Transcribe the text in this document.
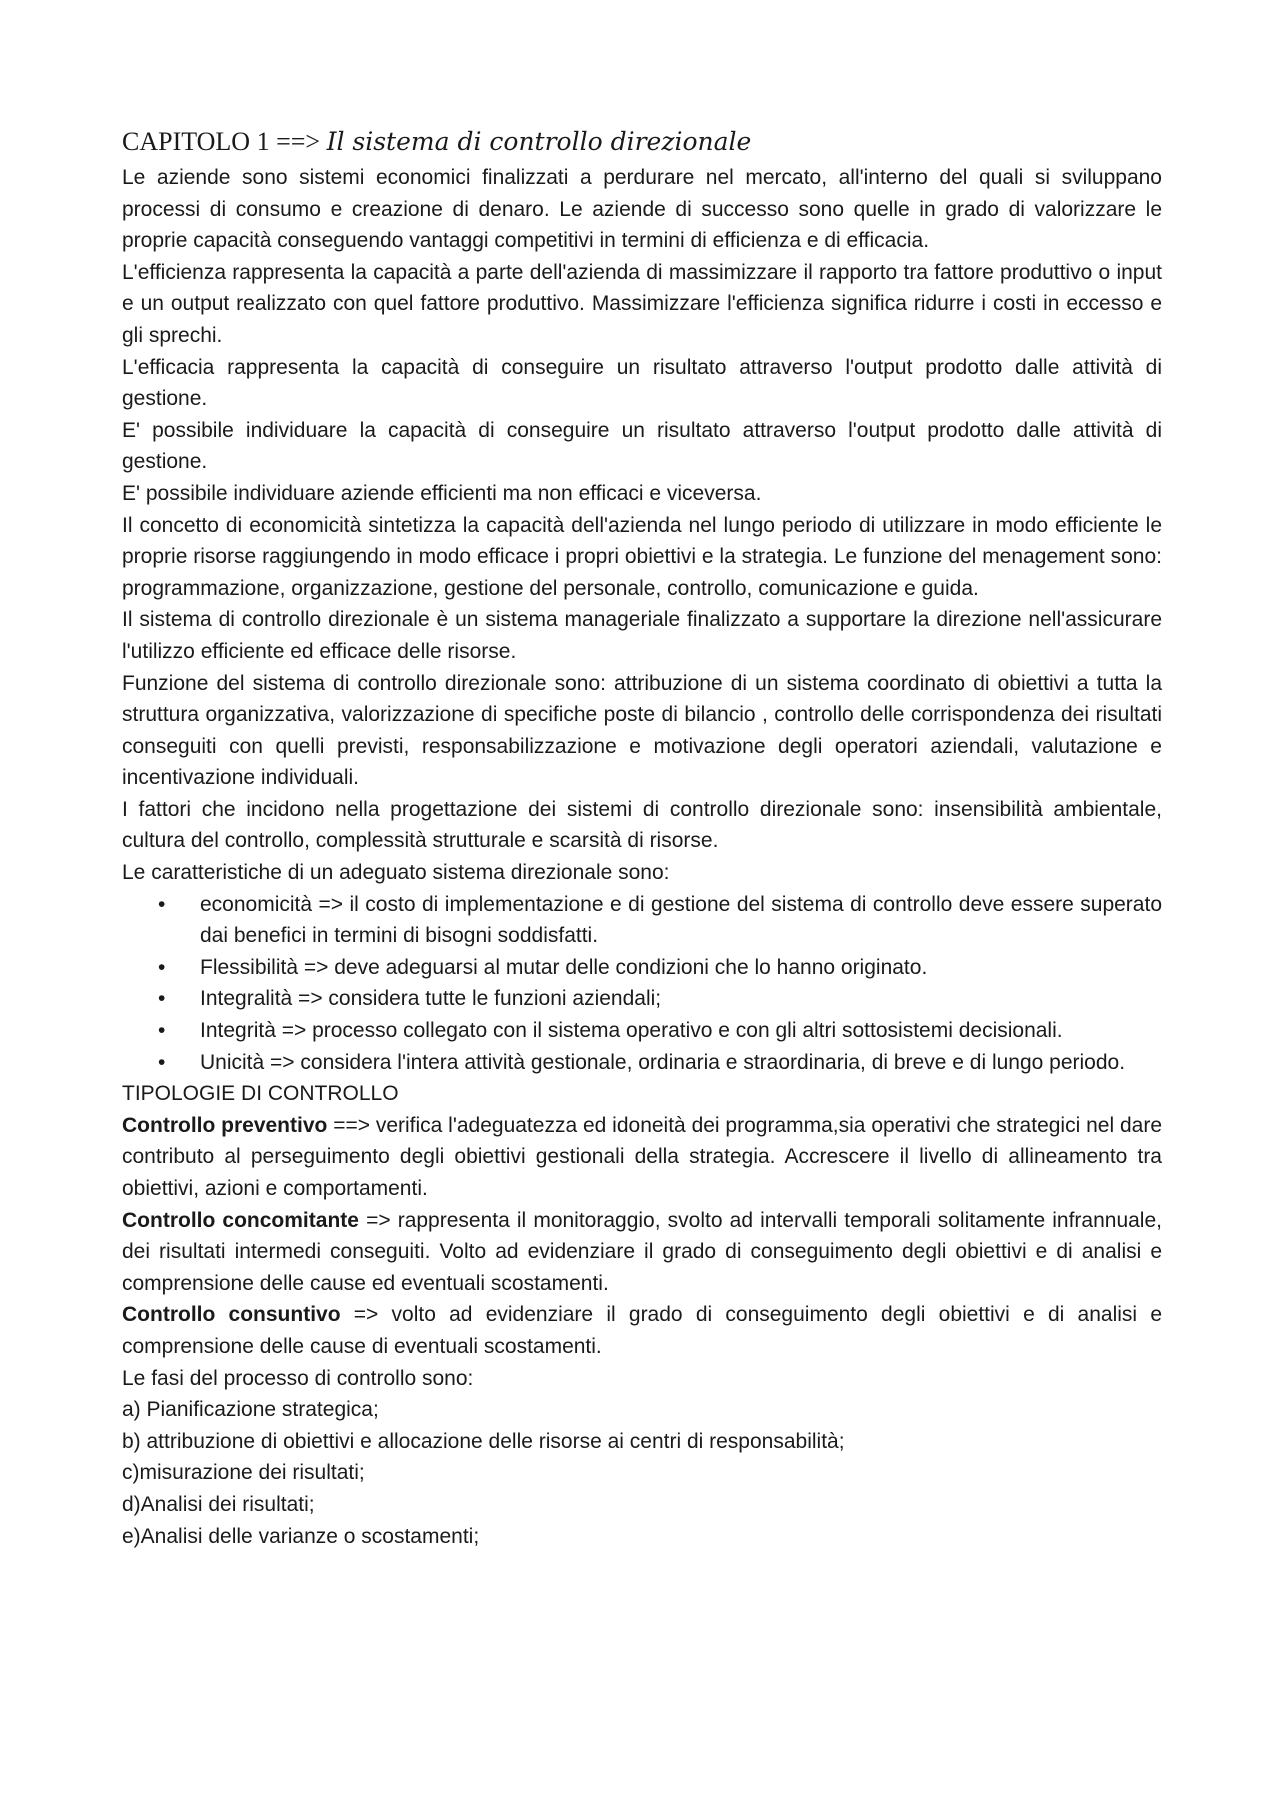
CAPITOLO 1 ==> Il sistema di controllo direzionale

Le aziende sono sistemi economici finalizzati a perdurare nel mercato, all'interno del quali si sviluppano processi di consumo e creazione di denaro. Le aziende di successo sono quelle in grado di valorizzare le proprie capacità conseguendo vantaggi competitivi in termini di efficienza e di efficacia.

L'efficienza rappresenta la capacità a parte dell'azienda di massimizzare il rapporto tra fattore produttivo o input e un output realizzato con quel fattore produttivo. Massimizzare l'efficienza significa ridurre i costi in eccesso e gli sprechi.

L'efficacia rappresenta la capacità di conseguire un risultato attraverso l'output prodotto dalle attività di gestione.

E' possibile individuare la capacità di conseguire un risultato attraverso l'output prodotto dalle attività di gestione.

E' possibile individuare aziende efficienti ma non efficaci e viceversa.

Il concetto di economicità sintetizza la capacità dell'azienda nel lungo periodo di utilizzare in modo efficiente le proprie risorse raggiungendo in modo efficace i propri obiettivi e la strategia. Le funzione del menagement sono: programmazione, organizzazione, gestione del personale, controllo, comunicazione e guida.

Il sistema di controllo direzionale è un sistema manageriale finalizzato a supportare la direzione nell'assicurare l'utilizzo efficiente ed efficace delle risorse.

Funzione del sistema di controllo direzionale sono: attribuzione di un sistema coordinato di obiettivi a tutta la struttura organizzativa, valorizzazione di specifiche poste di bilancio , controllo delle corrispondenza dei risultati conseguiti con quelli previsti, responsabilizzazione e motivazione degli operatori aziendali, valutazione e incentivazione individuali.

I fattori che incidono nella progettazione dei sistemi di controllo direzionale sono: insensibilità ambientale, cultura del controllo, complessità strutturale e scarsità di risorse.

Le caratteristiche di un adeguato sistema direzionale sono:

• economicità => il costo di implementazione e di gestione del sistema di controllo deve essere superato dai benefici in termini di bisogni soddisfatti.
• Flessibilità => deve adeguarsi al mutar delle condizioni che lo hanno originato.
• Integralità => considera tutte le funzioni aziendali;
• Integrità => processo collegato con il sistema operativo e con gli altri sottosistemi decisionali.
• Unicità => considera l'intera attività gestionale, ordinaria e straordinaria, di breve e di lungo periodo.

TIPOLOGIE DI CONTROLLO

Controllo preventivo ==> verifica l'adeguatezza ed idoneità dei programma,sia operativi che strategici nel dare contributo al perseguimento degli obiettivi gestionali della strategia. Accrescere il livello di allineamento tra obiettivi, azioni e comportamenti.

Controllo concomitante => rappresenta il monitoraggio, svolto ad intervalli temporali solitamente infrannuale, dei risultati intermedi conseguiti. Volto ad evidenziare il grado di conseguimento degli obiettivi e di analisi e comprensione delle cause ed eventuali scostamenti.

Controllo consuntivo => volto ad evidenziare il grado di conseguimento degli obiettivi e di analisi e comprensione delle cause di eventuali scostamenti.

Le fasi del processo di controllo sono:

a) Pianificazione strategica;

b) attribuzione di obiettivi e allocazione delle risorse ai centri di responsabilità;

c)misurazione dei risultati;

d)Analisi dei risultati;

e)Analisi delle varianze o scostamenti;
